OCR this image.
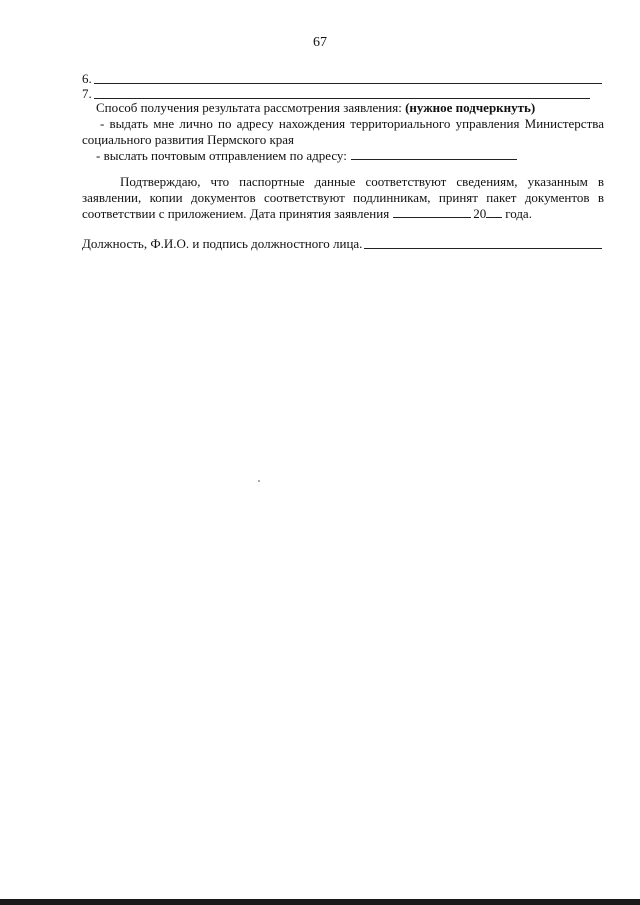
67
6.
7.
Способ получения результата рассмотрения заявления: (нужное подчеркнуть)
- выдать мне лично по адресу нахождения территориального управления Министерства социального развития Пермского края
- выслать почтовым отправлением по адресу:
Подтверждаю, что паспортные данные соответствуют сведениям, указанным в заявлении, копии документов соответствуют подлинникам, принят пакет документов в соответствии с приложением. Дата принятия заявления	20 года.
Должность, Ф.И.О. и подпись должностного лица.
